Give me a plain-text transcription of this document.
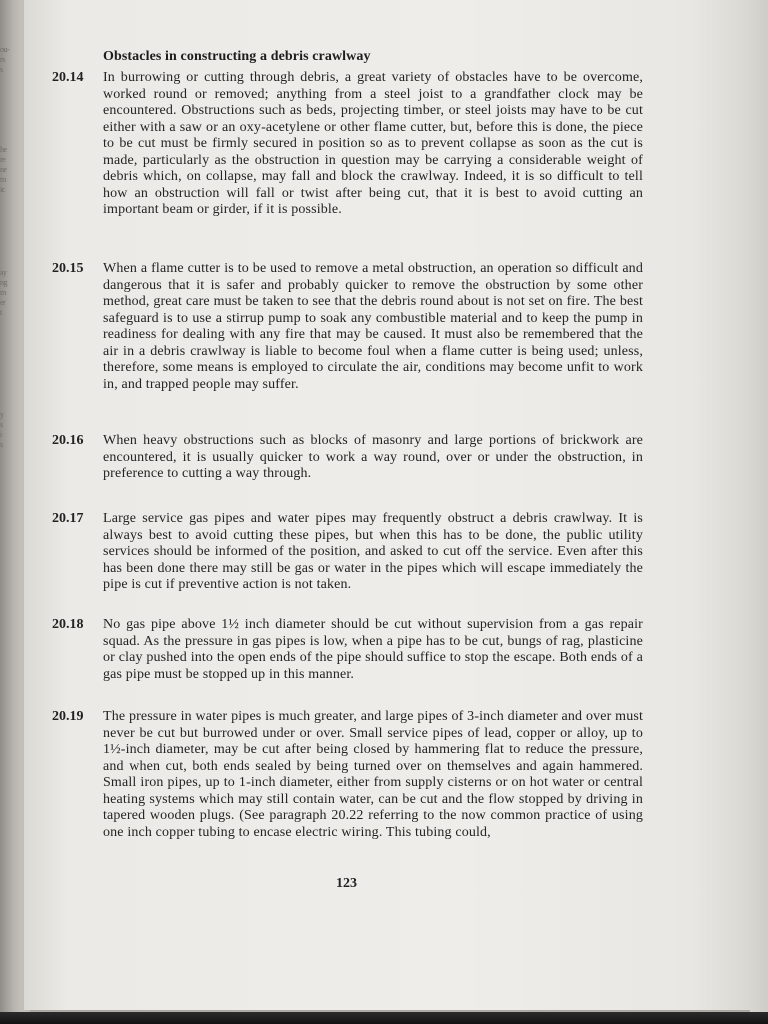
ou-
rs
s
he
re
ne
m
ic
ay
ng
m
er
t
y
s
i
s
Obstacles in constructing a debris crawlway
20.14 In burrowing or cutting through debris, a great variety of obstacles have to be overcome, worked round or removed; anything from a steel joist to a grandfather clock may be encountered. Obstructions such as beds, projecting timber, or steel joists may have to be cut either with a saw or an oxy-acetylene or other flame cutter, but, before this is done, the piece to be cut must be firmly secured in position so as to prevent collapse as soon as the cut is made, particularly as the obstruction in question may be carrying a considerable weight of debris which, on collapse, may fall and block the crawlway. Indeed, it is so difficult to tell how an obstruction will fall or twist after being cut, that it is best to avoid cutting an important beam or girder, if it is possible.
20.15 When a flame cutter is to be used to remove a metal obstruction, an operation so difficult and dangerous that it is safer and probably quicker to remove the obstruction by some other method, great care must be taken to see that the debris round about is not set on fire. The best safeguard is to use a stirrup pump to soak any combustible material and to keep the pump in readiness for dealing with any fire that may be caused. It must also be remembered that the air in a debris crawlway is liable to become foul when a flame cutter is being used; unless, therefore, some means is employed to circulate the air, conditions may become unfit to work in, and trapped people may suffer.
20.16 When heavy obstructions such as blocks of masonry and large portions of brickwork are encountered, it is usually quicker to work a way round, over or under the obstruction, in preference to cutting a way through.
20.17 Large service gas pipes and water pipes may frequently obstruct a debris crawlway. It is always best to avoid cutting these pipes, but when this has to be done, the public utility services should be informed of the position, and asked to cut off the service. Even after this has been done there may still be gas or water in the pipes which will escape immediately the pipe is cut if preventive action is not taken.
20.18 No gas pipe above 1½ inch diameter should be cut without supervision from a gas repair squad. As the pressure in gas pipes is low, when a pipe has to be cut, bungs of rag, plasticine or clay pushed into the open ends of the pipe should suffice to stop the escape. Both ends of a gas pipe must be stopped up in this manner.
20.19 The pressure in water pipes is much greater, and large pipes of 3-inch diameter and over must never be cut but burrowed under or over. Small service pipes of lead, copper or alloy, up to 1½-inch diameter, may be cut after being closed by hammering flat to reduce the pressure, and when cut, both ends sealed by being turned over on themselves and again hammered. Small iron pipes, up to 1-inch diameter, either from supply cisterns or on hot water or central heating systems which may still contain water, can be cut and the flow stopped by driving in tapered wooden plugs. (See paragraph 20.22 referring to the now common practice of using one inch copper tubing to encase electric wiring. This tubing could,
123
